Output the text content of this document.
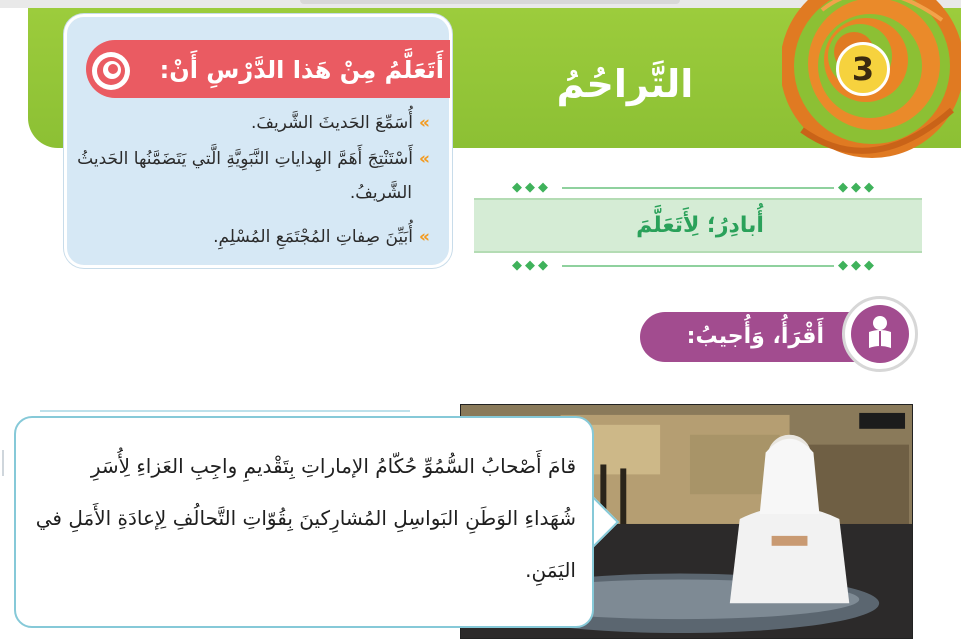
التَّراحُمُ	3
أَتَعَلَّمُ مِنْ هَذا الدَّرْسِ أَنْ:
»أُسَمِّعَ الحَديثَ الشَّريفَ.
»أَسْتَنْتِجَ أَهَمَّ الهِداياتِ النَّبَوِيَّةِ الَّتي يَتَضَمَّنُها الحَديثُ
الشَّريفُ.
»أُبَيِّنَ صِفاتِ المُجْتَمَعِ المُسْلِمِ.
◆◆◆	◆◆◆
أُبادِرُ؛ لِأَتَعَلَّمَ
◆◆◆	◆◆◆
أَقْرَأُ، وَأُجيبُ:
قامَ أَصْحابُ السُّمُوِّ حُكّامُ الإماراتِ بِتَقْديمِ واجِبِ العَزاءِ لِأُسَرِ
شُهَداءِ الوَطَنِ البَواسِلِ المُشارِكينَ بِقُوّاتِ التَّحالُفِ لِإعادَةِ الأَمَلِ في
اليَمَنِ.
